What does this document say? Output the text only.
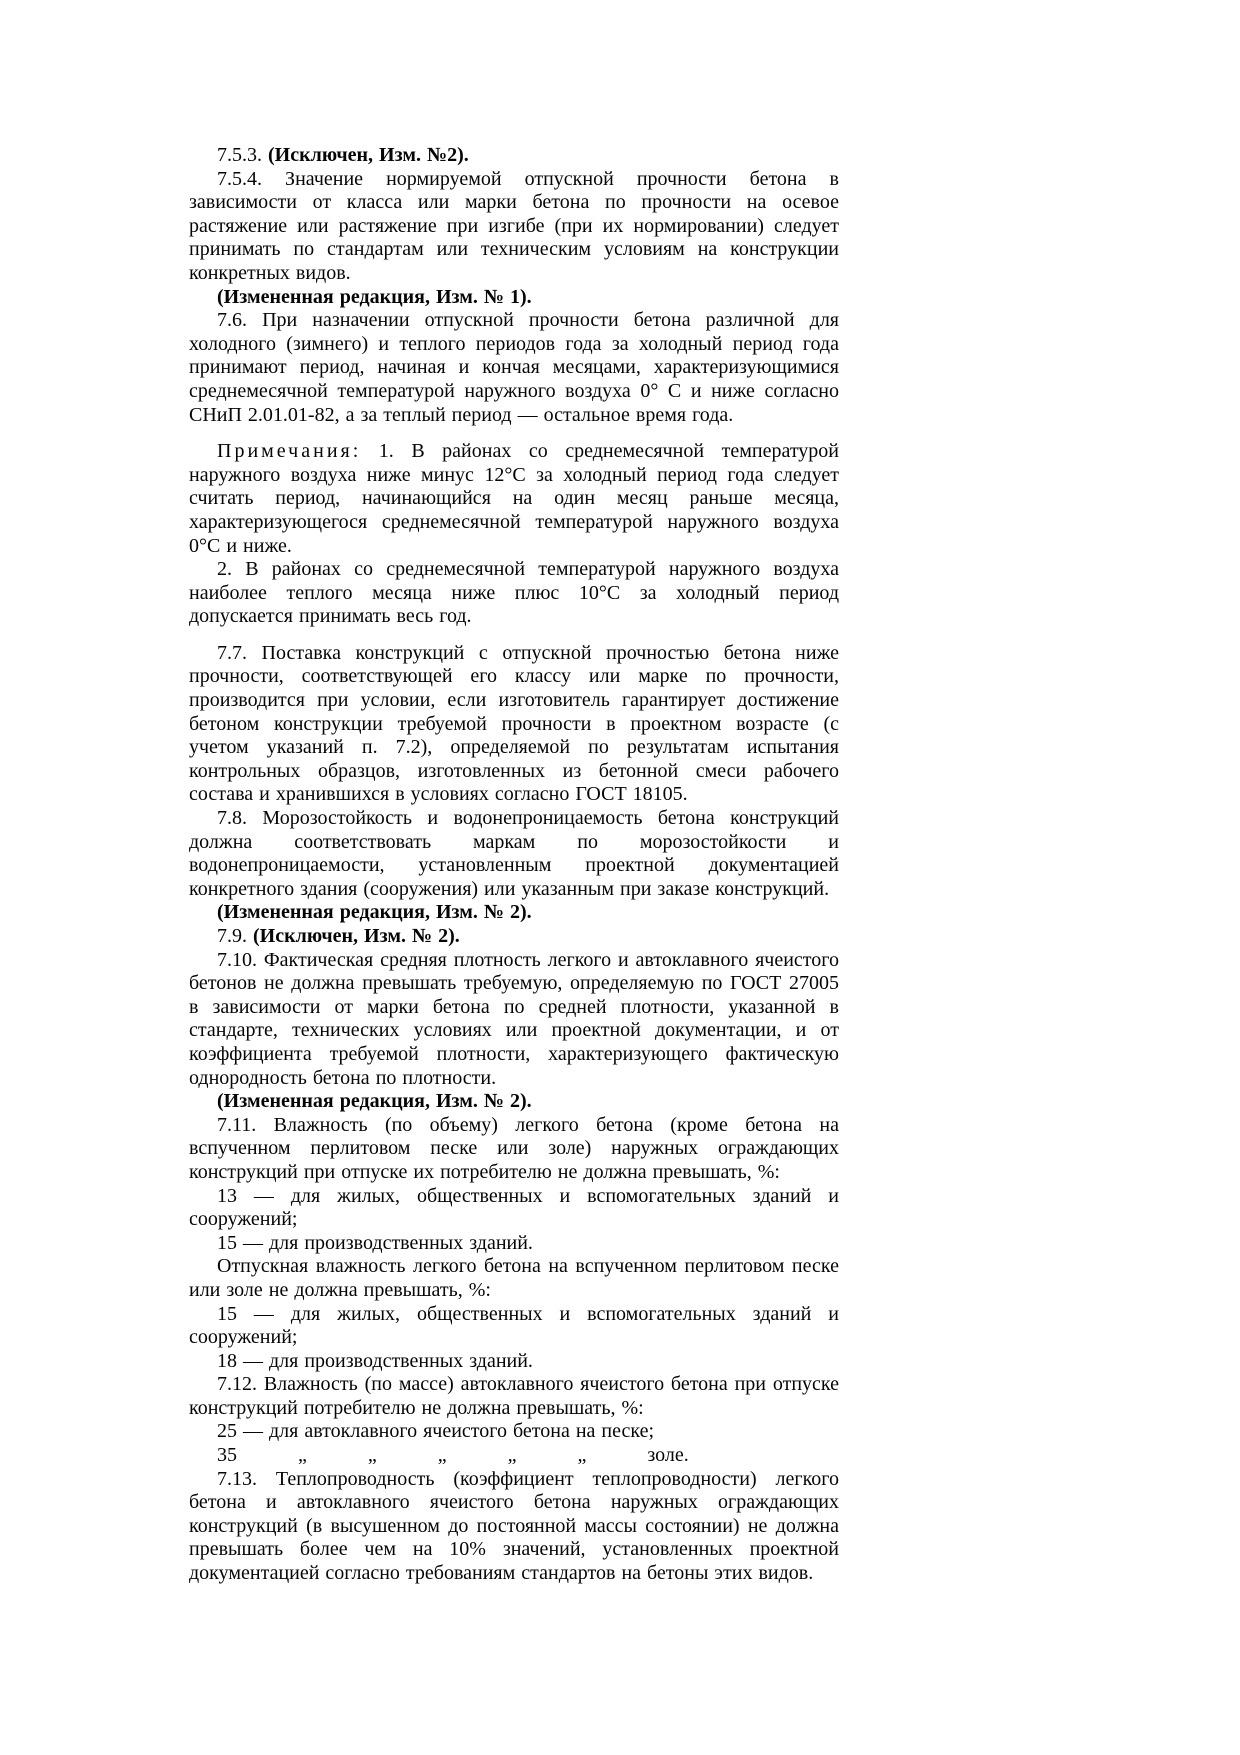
7.5.3. (Исключен, Изм. №2).

7.5.4. Значение нормируемой отпускной прочности бетона в зависимости от класса или марки бетона по прочности на осевое растяжение или растяжение при изгибе (при их нормировании) следует принимать по стандартам или техническим условиям на конструкции конкретных видов.

(Измененная редакция, Изм. № 1).

7.6. При назначении отпускной прочности бетона различной для холодного (зимнего) и теплого периодов года за холодный период года принимают период, начиная и кончая месяцами, характеризующимися среднемесячной температурой наружного воздуха 0° С и ниже согласно СНиП 2.01.01-82, а за теплый период — остальное время года.

Примечания: 1. В районах со среднемесячной температурой наружного воздуха ниже минус 12°С за холодный период года следует считать период, начинающийся на один месяц раньше месяца, характеризующегося среднемесячной температурой наружного воздуха 0°С и ниже.

2. В районах со среднемесячной температурой наружного воздуха наиболее теплого месяца ниже плюс 10°С за холодный период допускается принимать весь год.

7.7. Поставка конструкций с отпускной прочностью бетона ниже прочности, соответствующей его классу или марке по прочности, производится при условии, если изготовитель гарантирует достижение бетоном конструкции требуемой прочности в проектном возрасте (с учетом указаний п. 7.2), определяемой по результатам испытания контрольных образцов, изготовленных из бетонной смеси рабочего состава и хранившихся в условиях согласно ГОСТ 18105.

7.8. Морозостойкость и водонепроницаемость бетона конструкций должна соответствовать маркам по морозостойкости и водонепроницаемости, установленным проектной документацией конкретного здания (сооружения) или указанным при заказе конструкций.

(Измененная редакция, Изм. № 2).

7.9. (Исключен, Изм. № 2).

7.10. Фактическая средняя плотность легкого и автоклавного ячеистого бетонов не должна превышать требуемую, определяемую по ГОСТ 27005 в зависимости от марки бетона по средней плотности, указанной в стандарте, технических условиях или проектной документации, и от коэффициента требуемой плотности, характеризующего фактическую однородность бетона по плотности.

(Измененная редакция, Изм. № 2).

7.11. Влажность (по объему) легкого бетона (кроме бетона на вспученном перлитовом песке или золе) наружных ограждающих конструкций при отпуске их потребителю не должна превышать, %:

13 — для жилых, общественных и вспомогательных зданий и сооружений;

15 — для производственных зданий.

Отпускная влажность легкого бетона на вспученном перлитовом песке или золе не должна превышать, %:

15 — для жилых, общественных и вспомогательных зданий и сооружений;

18 — для производственных зданий.

7.12. Влажность (по массе) автоклавного ячеистого бетона при отпуске конструкций потребителю не должна превышать, %:

25 — для автоклавного ячеистого бетона на песке;

35 „ „ „ „ „ золе.

7.13. Теплопроводность (коэффициент теплопроводности) легкого бетона и автоклавного ячеистого бетона наружных ограждающих конструкций (в высушенном до постоянной массы состоянии) не должна превышать более чем на 10% значений, установленных проектной документацией согласно требованиям стандартов на бетоны этих видов.
